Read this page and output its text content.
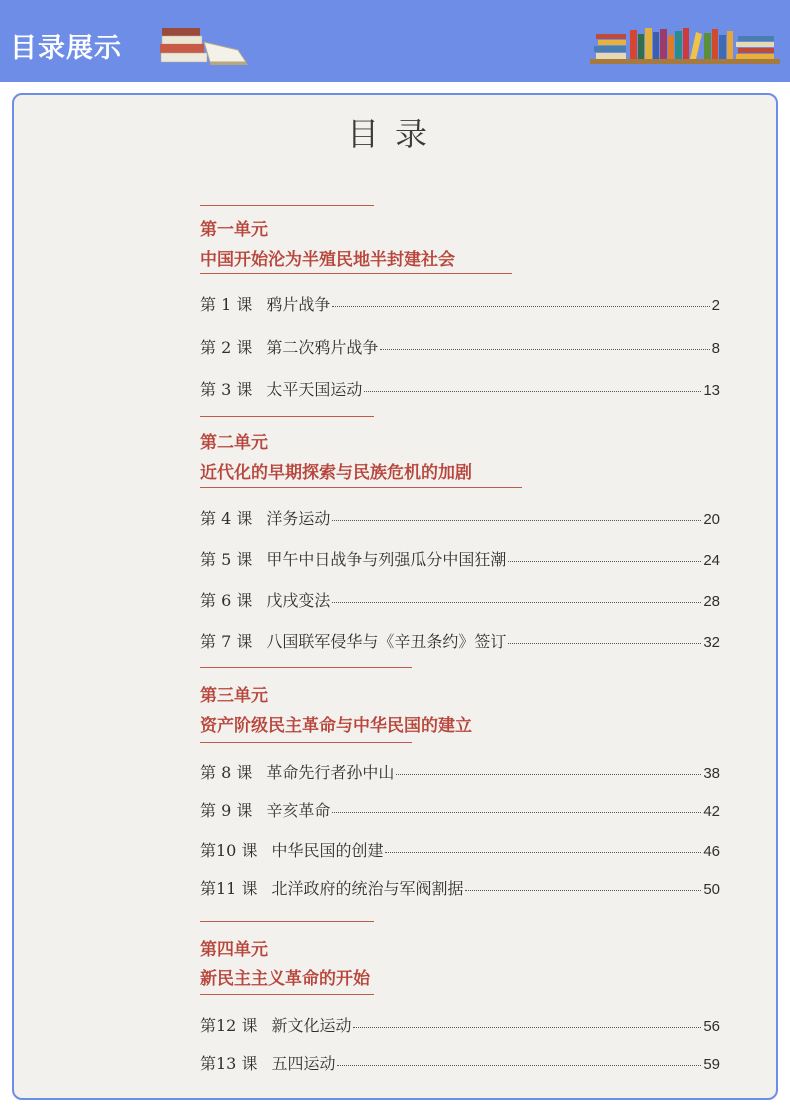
目录展示
目录
第一单元
中国开始沦为半殖民地半封建社会
第 1 课 鸦片战争	2
第 2 课 第二次鸦片战争	8
第 3 课 太平天国运动	13
第二单元
近代化的早期探索与民族危机的加剧
第 4 课 洋务运动	20
第 5 课 甲午中日战争与列强瓜分中国狂潮	24
第 6 课 戊戌变法	28
第 7 课 八国联军侵华与《辛丑条约》签订	32
第三单元
资产阶级民主革命与中华民国的建立
第 8 课 革命先行者孙中山	38
第 9 课 辛亥革命	42
第10 课 中华民国的创建	46
第11 课 北洋政府的统治与军阀割据	50
第四单元
新民主主义革命的开始
第12 课 新文化运动	56
第13 课 五四运动	59
